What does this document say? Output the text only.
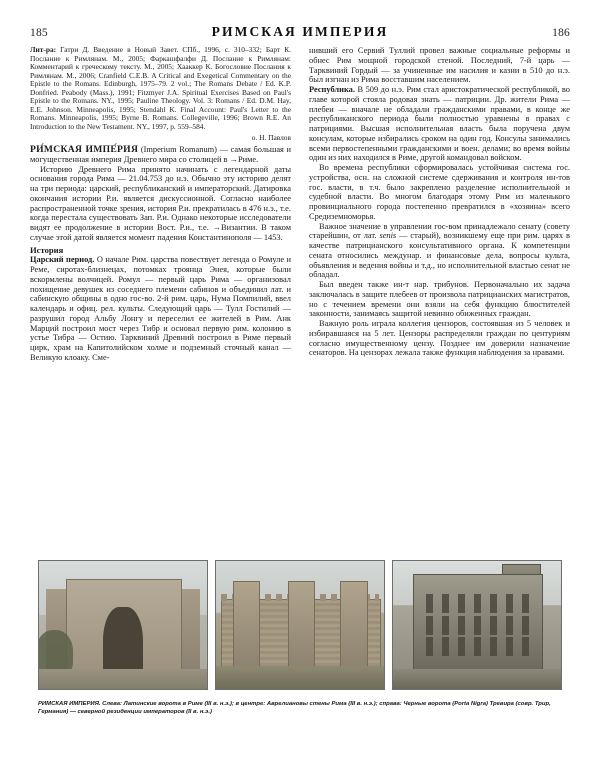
185	РИМСКАЯ ИМПЕРИЯ	186
Лит-ра: Гатри Д. Введение в Новый Завет. СПб., 1996, с. 310–332; Барт К. Послание к Римлянам. М., 2005; Фаркашфалфи Д. Послание к Римлянам: Комментарий к греческому тексту. М., 2005; Хааккер К. Богословие Послания к Римлянам. М., 2006; Cranfield C.E.B. A Critical and Exegetical Commentary on the Epistle to the Romans. Edinburgh, 1975–79. 2 vol.; The Romans Debate / Ed. K.P. Donfried. Peabody (Mass.), 1991; Fitzmyer J.A. Spiritual Exercises Based on Paul's Epistle to the Romans. NY., 1995; Pauline Theology. Vol. 3: Romans / Ed. D.M. Hay, E.E. Johnson. Minneapolis, 1995; Stendahl K. Final Account: Paul's Letter to the Romans. Minneapolis, 1995; Byrne B. Romans. Collegeville, 1996; Brown R.E. An Introduction to the New Testament. NY., 1997, p. 559–584.
о. Н. Павлов

РИ́МСКАЯ ИМПЕ́РИЯ (Imperium Romanum) — самая большая и могущественная империя Древнего мира со столицей в →Риме.

Историю Древнего Рима принято начинать с легендарной даты основания города Рима — 21.04.753 до н.э. Обычно эту историю делят на три периода: царский, республиканский и императорский. Датировка окончания истории Р.и. является дискуссионной. Согласно наиболее распространенной точке зрения, история Р.и. прекратилась в 476 н.э., т.е. когда перестала существовать Зап. Р.и. Однако некоторые исследователи видят ее продолжение в истории Вост. Р.и., т.е. →Византии. В таком случае этой датой является момент падения Константинополя — 1453.

История

Царский период. О начале Рим. царства повествует легенда о Ромуле и Реме, сиротах-близнецах, потомках троянца Энея, которые были вскормлены волчицей. Ромул — первый царь Рима — организовал похищение девушек из соседнего племени сабинов и объединил лат. и сабинскую общины в одно гос-во. 2-й рим. царь, Нума Помпилий, ввел календарь и офиц. рел. культы. Следующий царь — Тулл Гостилий — разрушил город Альбу Лонгу и переселил ее жителей в Рим. Анк Марций построил мост через Тибр и основал первую рим. колонию в устье Тибра — Остию. Тарквиний Древний построил в Риме первый цирк, храм на Капитолийском холме и подземный сточный канал — Великую клоаку. Сме-

нивший его Сервий Туллий провел важные социальные реформы и обнес Рим мощной городской стеной. Последний, 7-й царь — Тарквиний Гордый — за учиненные им насилия и казни в 510 до н.э. был изгнан из Рима восставшим населением.

Республика. В 509 до н.э. Рим стал аристократической республикой, во главе которой стояла родовая знать — патриции. Др. жители Рима — плебеи — вначале не обладали гражданскими правами, в конце же республиканского периода были полностью уравнены в правах с патрициями. Высшая исполнительная власть была поручена двум консулам, которые избирались сроком на один год. Консулы занимались всеми первостепенными гражданскими и воен. делами; во время войны один из них находился в Риме, другой командовал войском.

Во времена республики сформировалась устойчивая система гос. устройства, осн. на сложной системе сдерживания и контроля ин-тов гос. власти, в т.ч. было закреплено разделение исполнительной и судебной власти. Во многом благодаря этому Рим из маленького провинциального города постепенно превратился в «хозяина» всего Средиземноморья.

Важное значение в управлении гос-вом принадлежало сенату (совету старейшин, от лат. senis — старый), возникшему еще при рим. царях в качестве патрицианского консультативного органа. К компетенции сената относились междунар. и финансовые дела, вопросы культа, объявления и ведения войны и т.д., но исполнительной властью сенат не обладал.

Был введен также ин-т нар. трибунов. Первоначально их задача заключалась в защите плебеев от произвола патрицианских магистратов, но с течением времени они взяли на себя функцию блюстителей законности, занимаясь защитой невинно обиженных граждан.

Важную роль играла коллегия цензоров, состоявшая из 5 человек и избиравшаяся на 5 лет. Цензоры распределяли граждан по центуриям согласно имущественному цензу. Позднее им доверили назначение сенаторов. На цензорах лежала также функция наблюдения за нравами.

РИМСКАЯ ИМПЕРИЯ. Слева: Латинские ворота в Риме (III в. н.э.); в центре: Аврелиановы стены Рима (III в. н.э.); справа: Черные ворота (Porta Nigra) Тревира (совр. Трир, Германия) — северной резиденции императоров (II в. н.э.)
